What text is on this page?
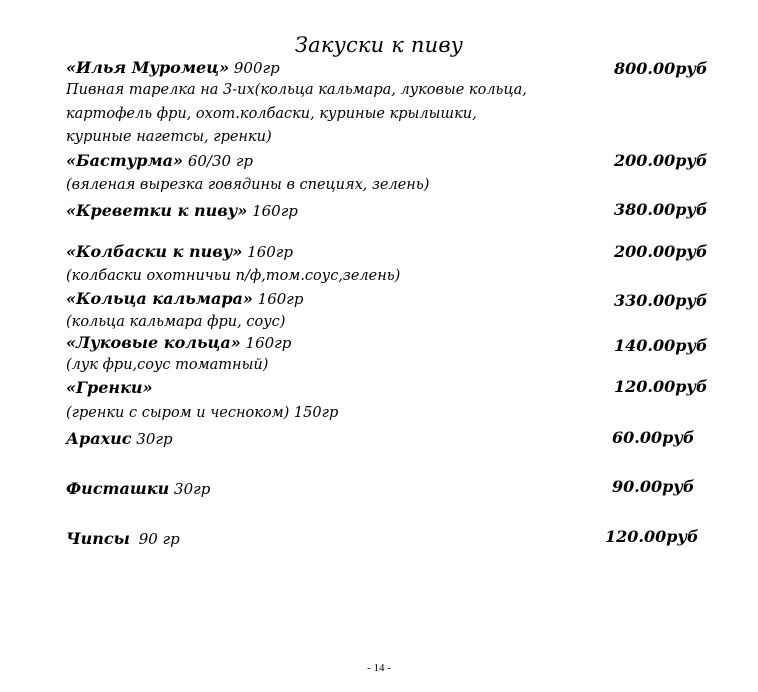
Закуски к пиву
«Илья Муромец» 900гр	800.00руб
Пивная тарелка на 3-их(кольца кальмара, луковые кольца,
картофель фри, охот.колбаски, куриные крылышки,
куриные нагетсы, гренки)
«Бастурма» 60/30 гр	200.00руб
(вяленая вырезка говядины в специях, зелень)
«Креветки к пиву» 160гр	380.00руб
«Колбаски к пиву» 160гр	200.00руб
(колбаски охотничьи п/ф,том.соус,зелень)
«Кольца кальмара» 160гр	330.00руб
(кольца кальмара фри, соус)
«Луковые кольца» 160гр	140.00руб
(лук фри,соус томатный)
«Гренки»	120.00руб
(гренки с сыром и чесноком) 150гр
Арахис 30гр	60.00руб
Фисташки 30гр	90.00руб
Чипсы 90 гр	120.00руб
- 14 -
